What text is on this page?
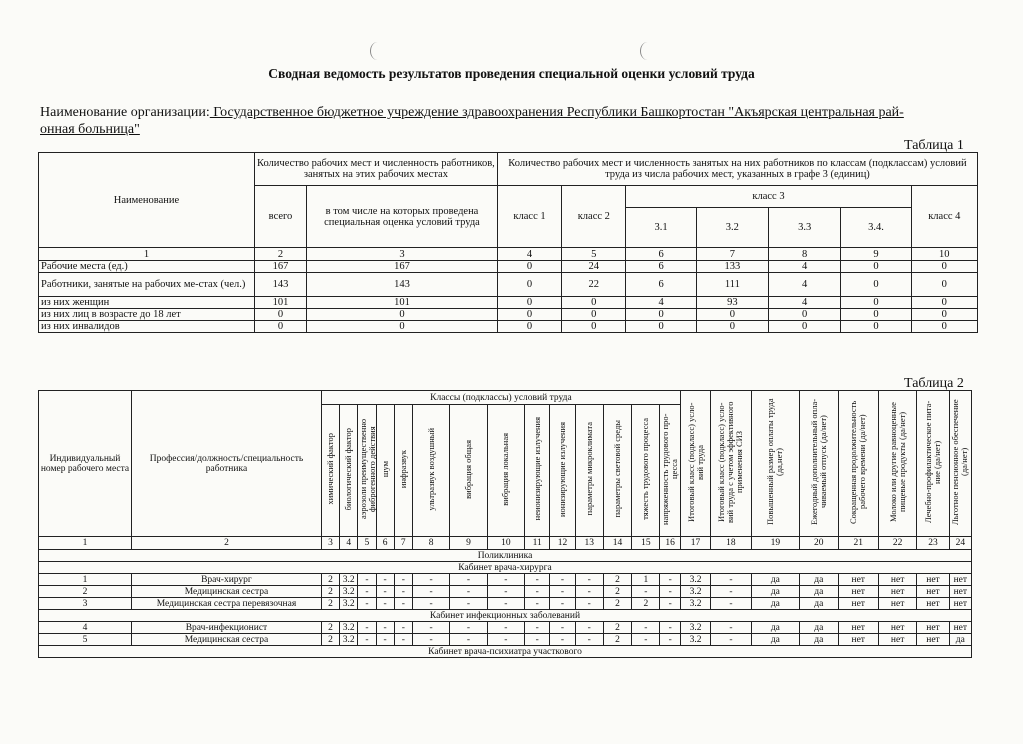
Сводная ведомость результатов проведения специальной оценки условий труда
Наименование организации: Государственное бюджетное учреждение здравоохранения Республики Башкортостан "Акъярская центральная рай-
онная больница"
Таблица 1
Наименование	Количество рабочих мест и численность работников, занятых на этих рабочих местах		Количество рабочих мест и численность занятых на них работников по классам (подклассам) условий труда из числа рабочих мест, указанных в графе 3 (единиц)						
	всего	в том числе на которых проведена специальная оценка условий труда	класс 1	класс 2	класс 3				класс 4
					3.1	3.2	3.3	3.4.	
1	2	3	4	5	6	7	8	9	10
Рабочие места (ед.)	167	167	0	24	6	133	4	0	0
Работники, занятые на рабочих ме-стах (чел.)	143	143	0	22	6	111	4	0	0
из них женщин	101	101	0	0	4	93	4	0	0
из них лиц в возрасте до 18 лет	0	0	0	0	0	0	0	0	0
из них инвалидов	0	0	0	0	0	0	0	0	0
Таблица 2
Индивидуальный номер рабочего места	Профессия/должность/специальность работника	Классы (подклассы) условий труда														Итоговый класс (подкласс) усло-вий труда	Итоговый класс (подкласс) усло-вий труда с учетом эффективного применения СИЗ	Повышенный размер оплаты труда (да,нет)	Ежегодный дополнительный опла-чиваемый отпуск (да/нет)	Сокращенная продолжительность рабочего времени (да/нет)	Молоко или другие равноценные пищевые продукты (да/нет)	Лечебно-профилактическое пита-ние (да/нет)	Льготное пенсионное обеспечение (да/нет)
		химический фактор	биологический фактор	аэрозоли преимущественно фиброгенного действия	шум	инфразвук	ультразвук воздушный	вибрация общая	вибрация локальная	неионизирующие излучения	ионизирующие излучения	параметры микроклимата	параметры световой среды	тяжесть трудового процесса	напряженность трудового про-цесса								
1	2	3	4	5	6	7	8	9	10	11	12	13	14	15	16	17	18	19	20	21	22	23	24
Поликлиника																							
Кабинет врача-хирурга																							
1	Врач-хирург	2	3.2	-	-	-	-	-	-	-	-	-	2	1	-	3.2	-	да	да	нет	нет	нет	нет
2	Медицинская сестра	2	3.2	-	-	-	-	-	-	-	-	-	2	-	-	3.2	-	да	да	нет	нет	нет	нет
3	Медицинская сестра перевязочная	2	3.2	-	-	-	-	-	-	-	-	-	2	2	-	3.2	-	да	да	нет	нет	нет	нет
Кабинет инфекционных заболеваний																							
4	Врач-инфекционист	2	3.2	-	-	-	-	-	-	-	-	-	2	-	-	3.2	-	да	да	нет	нет	нет	нет
5	Медицинская сестра	2	3.2	-	-	-	-	-	-	-	-	-	2	-	-	3.2	-	да	да	нет	нет	нет	да
Кабинет врача-психиатра участкового																							
